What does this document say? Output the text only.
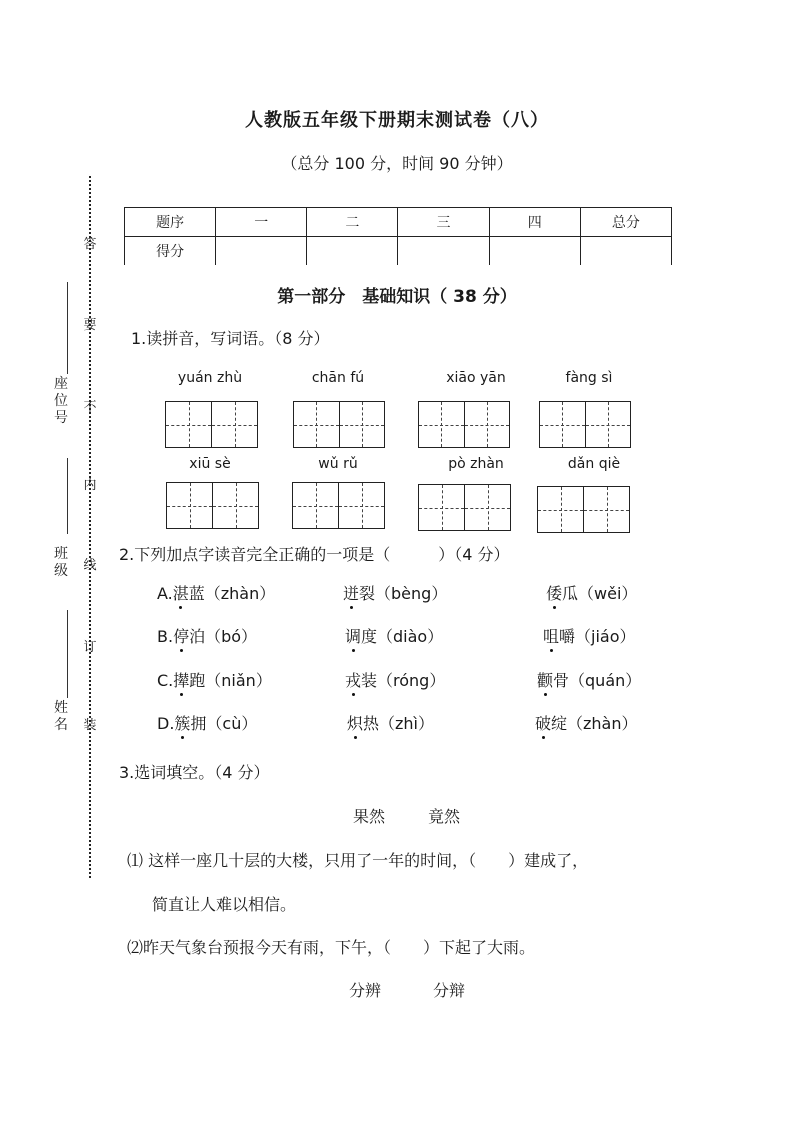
人教版五年级下册期末测试卷（八）
（总分 100 分，时间 90 分钟）
答
要
不
内
线
订
装
座位号
班级
姓名
题序	一	二	三	四	总分
得分					
第一部分　基础知识（ 38 分）
1.读拼音，写词语。（8 分）
yuán zhù	chān fú	xiāo yān	fàng sì
xiū sè	wǔ rǔ	pò zhàn	dǎn qiè
2.下列加点字读音完全正确的一项是（　　　）（4 分）
A.湛蓝（zhàn）	迸裂（bèng）	倭瓜（wěi）
B.停泊（bó）	调度（diào）	咀嚼（jiáo）
C.撵跑（niǎn）	戎装（róng）	颧骨（quán）
D.簇拥（cù）	炽热（zhì）	破绽（zhàn）
3.选词填空。（4 分）
果然	竟然
⑴ 这样一座几十层的大楼，只用了一年的时间，（　　）建成了，
简直让人难以相信。
⑵昨天气象台预报今天有雨，下午，（　　）下起了大雨。
分辨	分辩
